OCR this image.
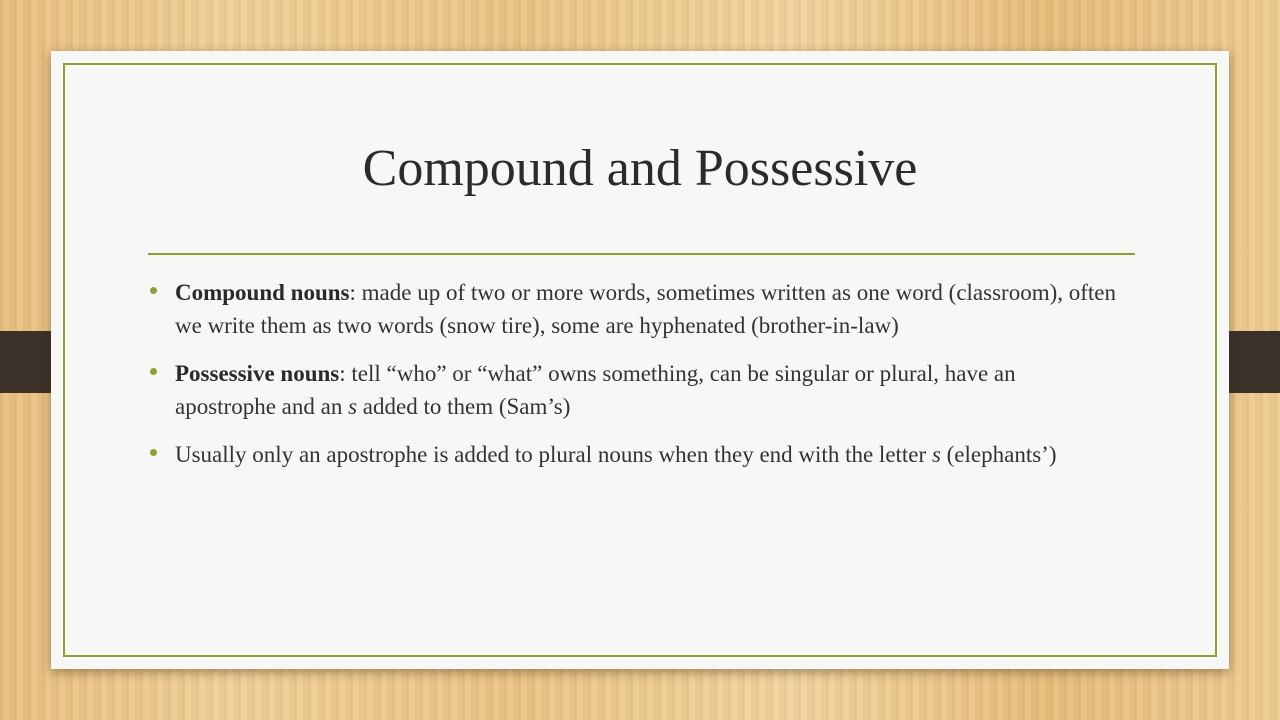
Compound and Possessive
Compound nouns: made up of two or more words, sometimes written as one word (classroom), often we write them as two words (snow tire), some are hyphenated (brother-in-law)
Possessive nouns: tell “who” or “what” owns something, can be singular or plural, have an apostrophe and an s added to them (Sam’s)
Usually only an apostrophe is added to plural nouns when they end with the letter s (elephants’)
